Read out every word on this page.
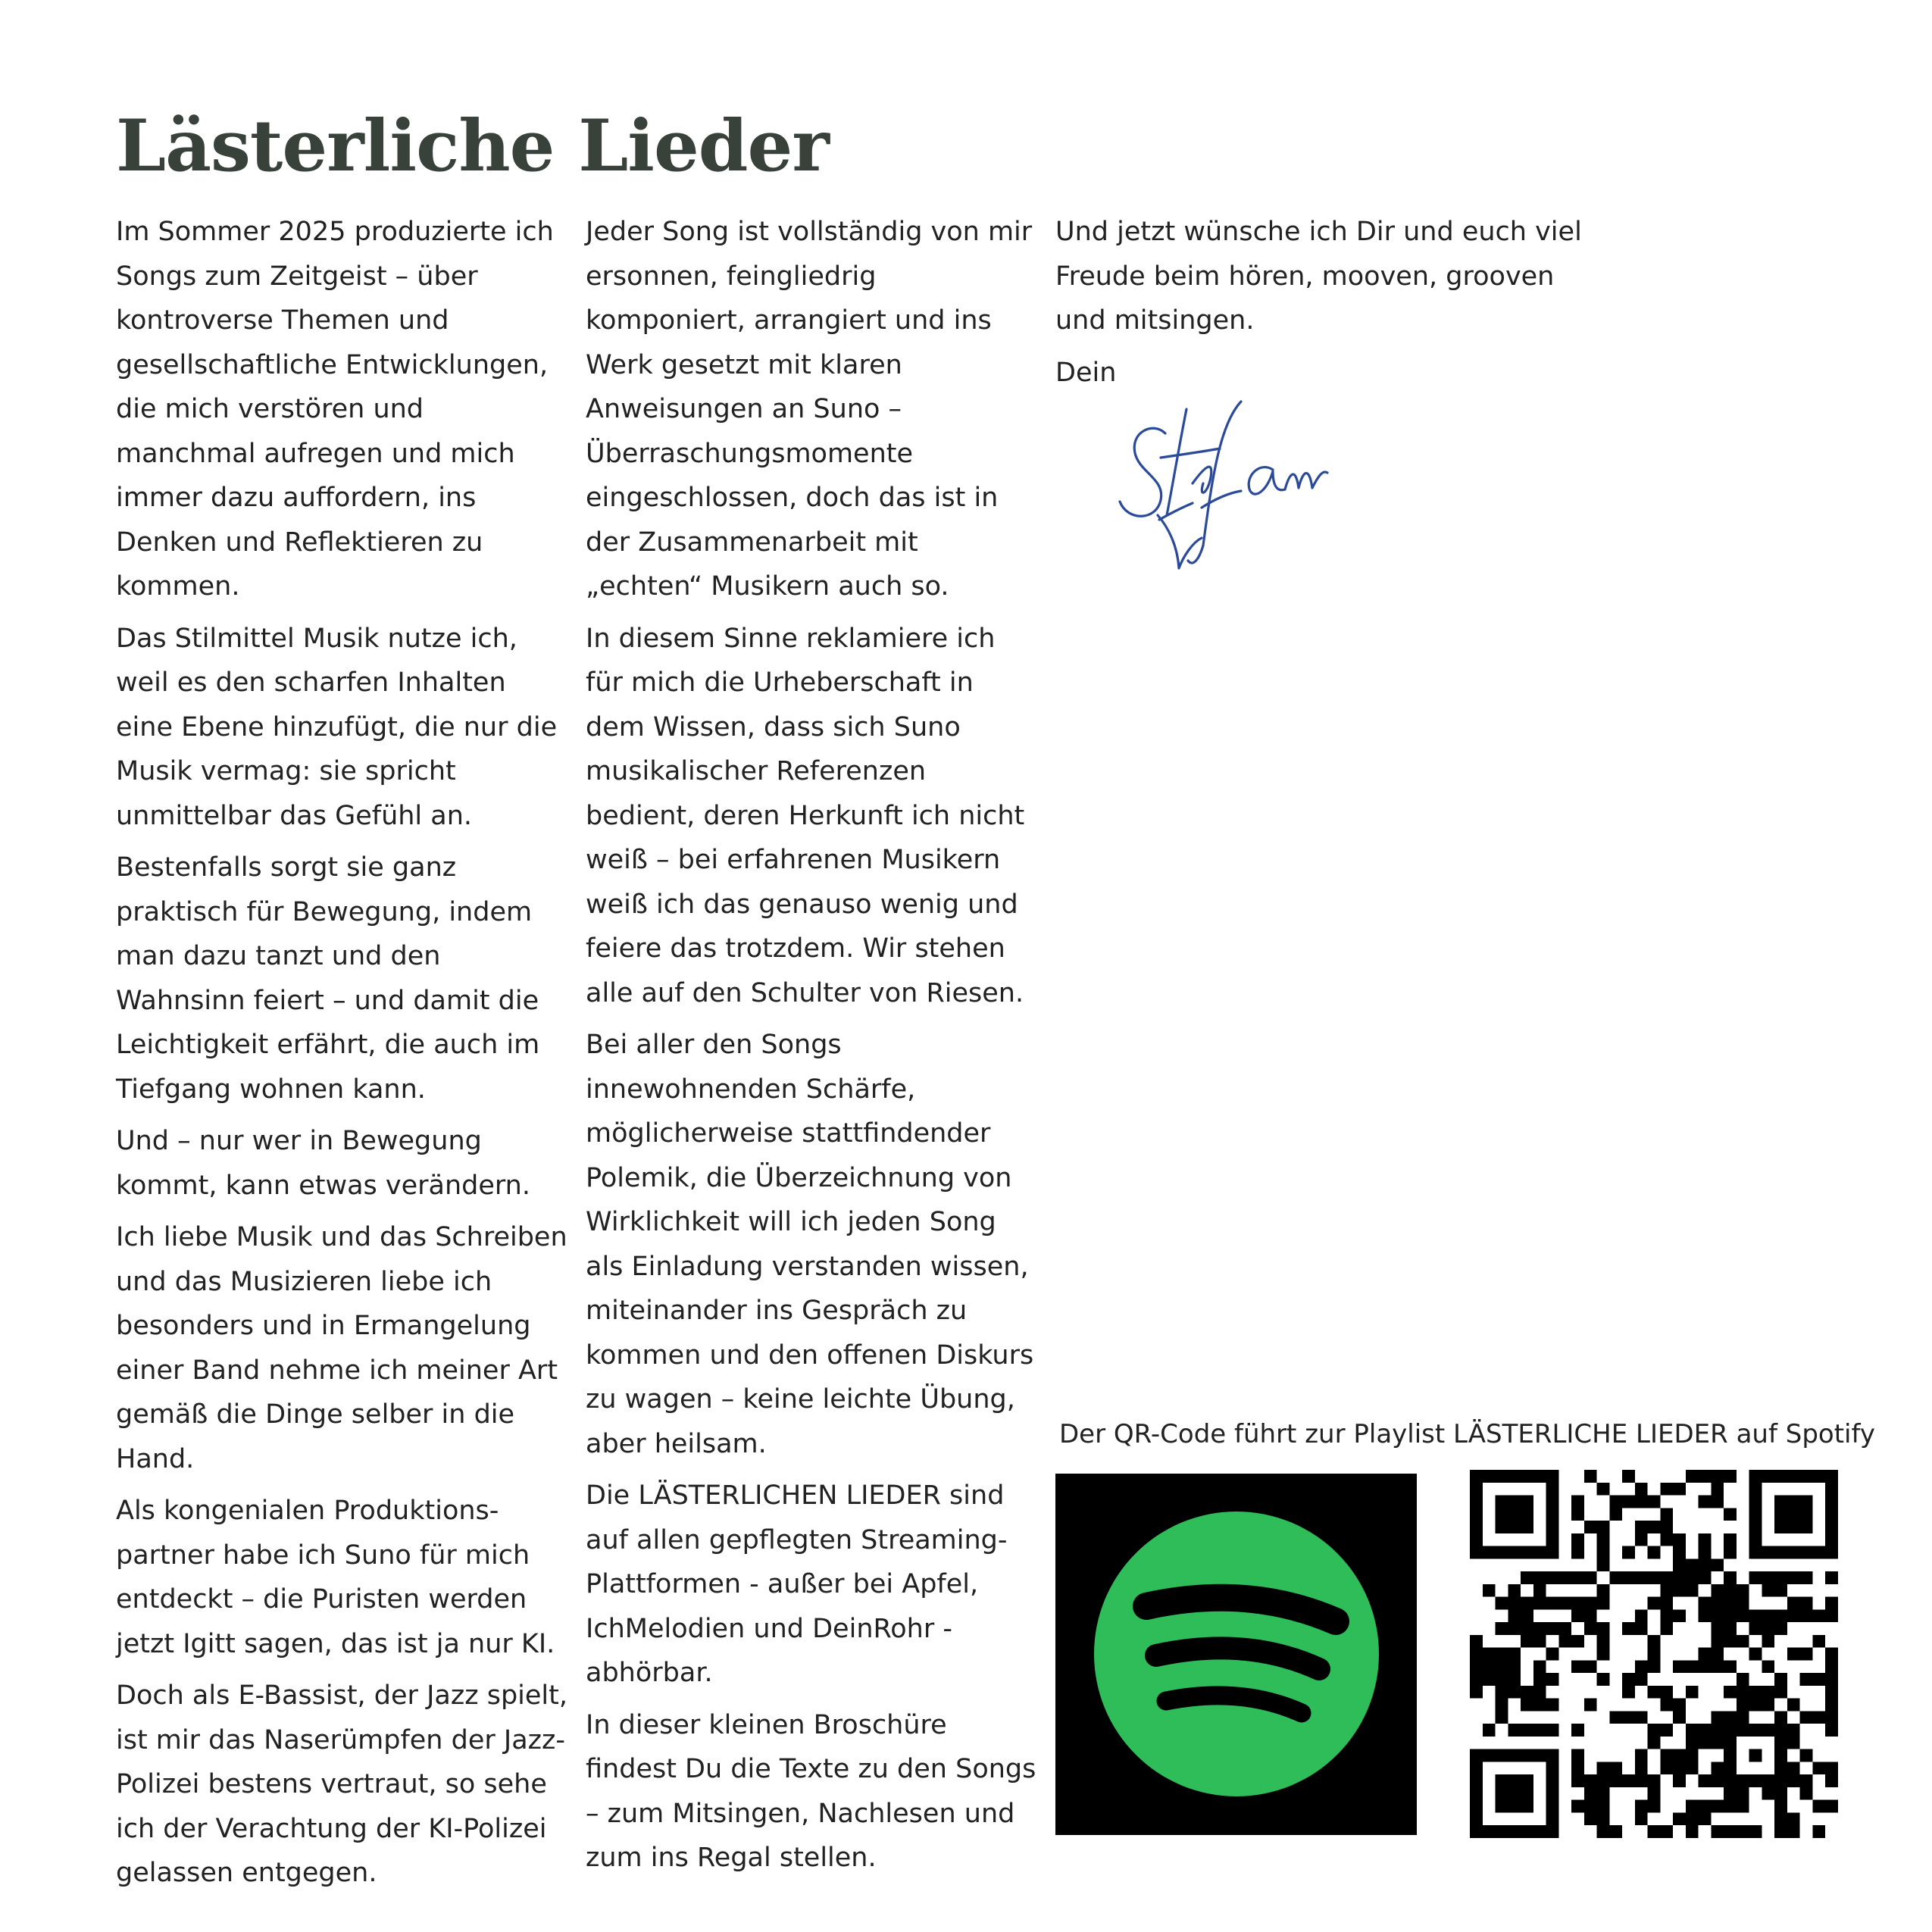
Lästerliche Lieder

Im Sommer 2025 produzierte ich Songs zum Zeitgeist – über kontroverse Themen und gesellschaftliche Entwicklungen, die mich verstören und manchmal aufregen und mich immer dazu auffordern, ins Denken und Reflektieren zu kommen.

Das Stilmittel Musik nutze ich, weil es den scharfen Inhalten eine Ebene hinzufügt, die nur die Musik vermag: sie spricht unmittelbar das Gefühl an.

Bestenfalls sorgt sie ganz praktisch für Bewegung, indem man dazu tanzt und den Wahnsinn feiert – und damit die Leichtigkeit erfährt, die auch im Tiefgang wohnen kann.

Und – nur wer in Bewegung kommt, kann etwas verändern.

Ich liebe Musik und das Schreiben und das Musizieren liebe ich besonders und in Ermangelung einer Band nehme ich meiner Art gemäß die Dinge selber in die Hand.

Als kongenialen Produktions-partner habe ich Suno für mich entdeckt – die Puristen werden jetzt Igitt sagen, das ist ja nur KI.

Doch als E-Bassist, der Jazz spielt, ist mir das Naserümpfen der Jazz-Polizei bestens vertraut, so sehe ich der Verachtung der KI-Polizei gelassen entgegen.

Jeder Song ist vollständig von mir ersonnen, feingliedrig komponiert, arrangiert und ins Werk gesetzt mit klaren Anweisungen an Suno – Überraschungsmomente eingeschlossen, doch das ist in der Zusammenarbeit mit „echten“ Musikern auch so.

In diesem Sinne reklamiere ich für mich die Urheberschaft in dem Wissen, dass sich Suno musikalischer Referenzen bedient, deren Herkunft ich nicht weiß – bei erfahrenen Musikern weiß ich das genauso wenig und feiere das trotzdem. Wir stehen alle auf den Schulter von Riesen.

Bei aller den Songs innewohnenden Schärfe, möglicherweise stattfindender Polemik, die Überzeichnung von Wirklichkeit will ich jeden Song als Einladung verstanden wissen, miteinander ins Gespräch zu kommen und den offenen Diskurs zu wagen – keine leichte Übung, aber heilsam.

Die LÄSTERLICHEN LIEDER sind auf allen gepflegten Streaming-Plattformen - außer bei Apfel, IchMelodien und DeinRohr - abhörbar.

In dieser kleinen Broschüre findest Du die Texte zu den Songs – zum Mitsingen, Nachlesen und zum ins Regal stellen.

Und jetzt wünsche ich Dir und euch viel Freude beim hören, mooven, grooven und mitsingen.

Dein

Der QR-Code führt zur Playlist LÄSTERLICHE LIEDER auf Spotify
